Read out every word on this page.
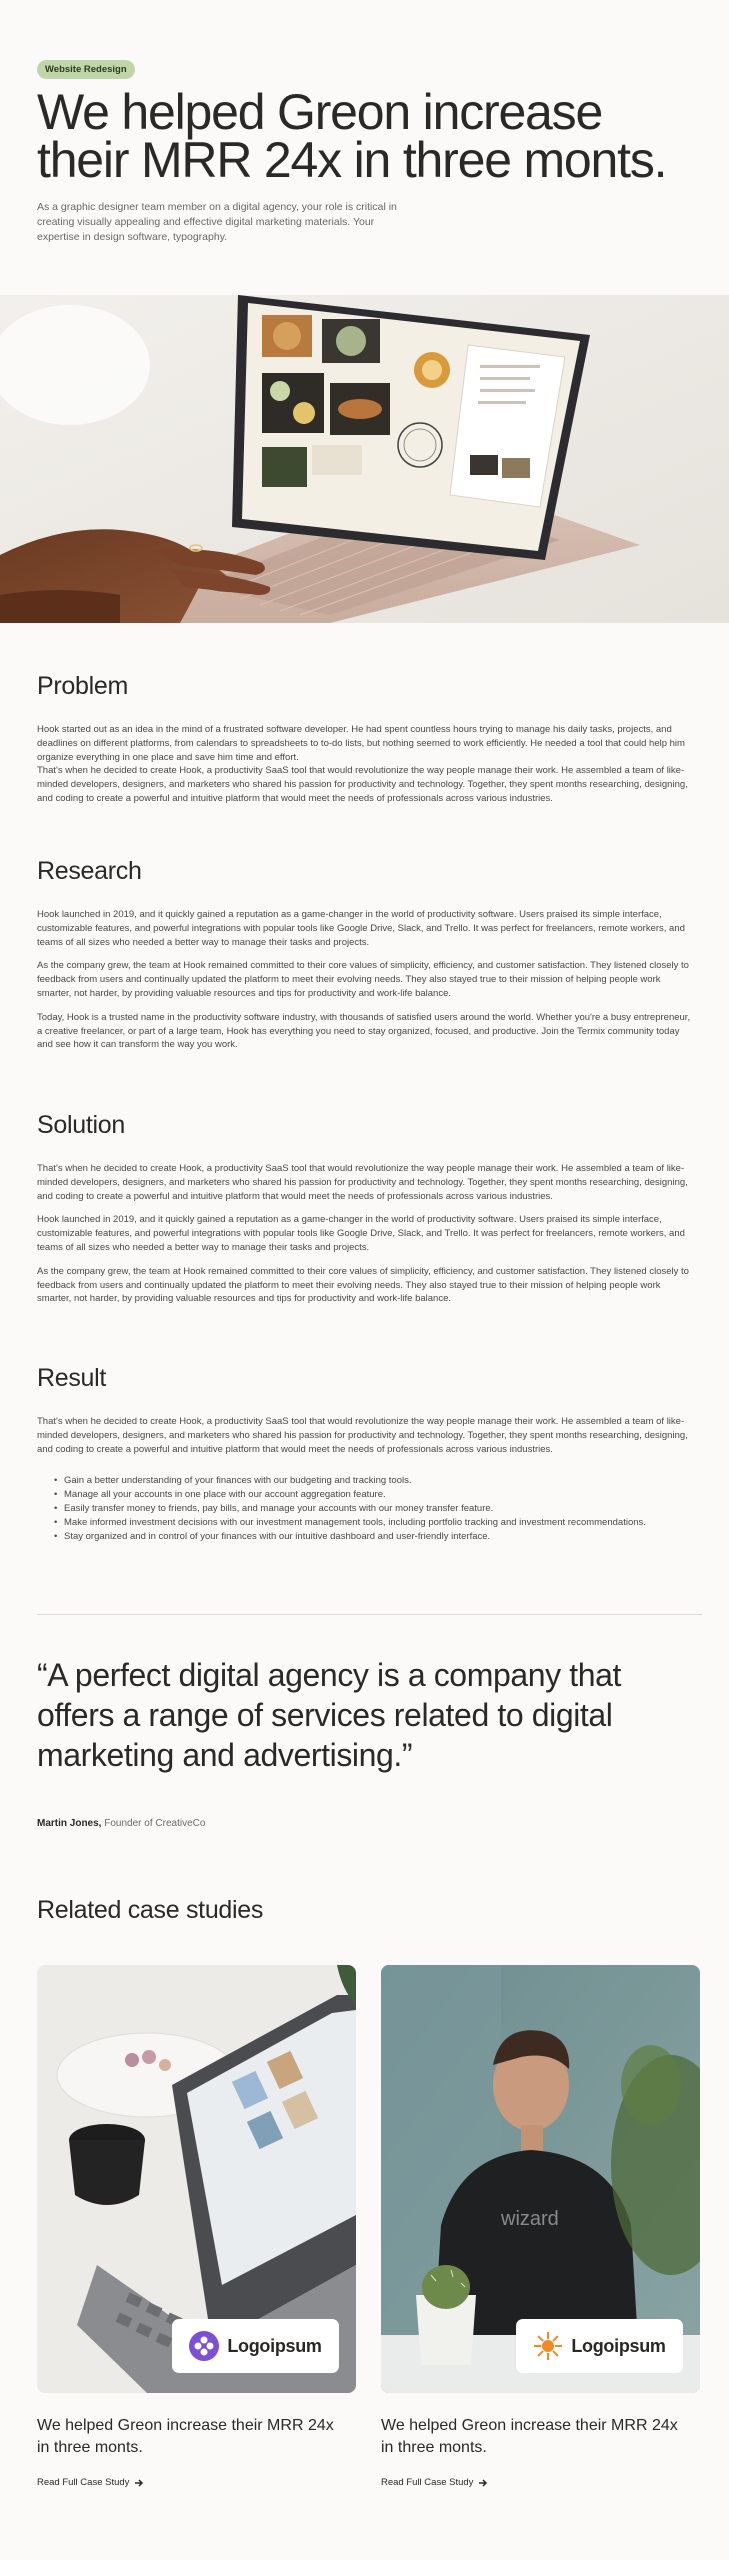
Website Redesign
We helped Greon increase their MRR 24x in three monts.

As a graphic designer team member on a digital agency, your role is critical in creating visually appealing and effective digital marketing materials. Your expertise in design software, typography.

Problem

Hook started out as an idea in the mind of a frustrated software developer. He had spent countless hours trying to manage his daily tasks, projects, and deadlines on different platforms, from calendars to spreadsheets to to-do lists, but nothing seemed to work efficiently. He needed a tool that could help him organize everything in one place and save him time and effort.

That's when he decided to create Hook, a productivity SaaS tool that would revolutionize the way people manage their work. He assembled a team of like-minded developers, designers, and marketers who shared his passion for productivity and technology. Together, they spent months researching, designing, and coding to create a powerful and intuitive platform that would meet the needs of professionals across various industries.

Research

Hook launched in 2019, and it quickly gained a reputation as a game-changer in the world of productivity software. Users praised its simple interface, customizable features, and powerful integrations with popular tools like Google Drive, Slack, and Trello. It was perfect for freelancers, remote workers, and teams of all sizes who needed a better way to manage their tasks and projects.

As the company grew, the team at Hook remained committed to their core values of simplicity, efficiency, and customer satisfaction. They listened closely to feedback from users and continually updated the platform to meet their evolving needs. They also stayed true to their mission of helping people work smarter, not harder, by providing valuable resources and tips for productivity and work-life balance.

Today, Hook is a trusted name in the productivity software industry, with thousands of satisfied users around the world. Whether you're a busy entrepreneur, a creative freelancer, or part of a large team, Hook has everything you need to stay organized, focused, and productive. Join the Termix community today and see how it can transform the way you work.

Solution

That's when he decided to create Hook, a productivity SaaS tool that would revolutionize the way people manage their work. He assembled a team of like-minded developers, designers, and marketers who shared his passion for productivity and technology. Together, they spent months researching, designing, and coding to create a powerful and intuitive platform that would meet the needs of professionals across various industries.

Hook launched in 2019, and it quickly gained a reputation as a game-changer in the world of productivity software. Users praised its simple interface, customizable features, and powerful integrations with popular tools like Google Drive, Slack, and Trello. It was perfect for freelancers, remote workers, and teams of all sizes who needed a better way to manage their tasks and projects.

As the company grew, the team at Hook remained committed to their core values of simplicity, efficiency, and customer satisfaction. They listened closely to feedback from users and continually updated the platform to meet their evolving needs. They also stayed true to their mission of helping people work smarter, not harder, by providing valuable resources and tips for productivity and work-life balance.

Result

That's when he decided to create Hook, a productivity SaaS tool that would revolutionize the way people manage their work. He assembled a team of like-minded developers, designers, and marketers who shared his passion for productivity and technology. Together, they spent months researching, designing, and coding to create a powerful and intuitive platform that would meet the needs of professionals across various industries.

• Gain a better understanding of your finances with our budgeting and tracking tools.
• Manage all your accounts in one place with our account aggregation feature.
• Easily transfer money to friends, pay bills, and manage your accounts with our money transfer feature.
• Make informed investment decisions with our investment management tools, including portfolio tracking and investment recommendations.
• Stay organized and in control of your finances with our intuitive dashboard and user-friendly interface.
“A perfect digital agency is a company that offers a range of services related to digital marketing and advertising.”
Martin Jones, Founder of CreativeCo
Related case studies
Logoipsum
We helped Greon increase their MRR 24x in three monts.
Read Full Case Study
wizard
Logoipsum
We helped Greon increase their MRR 24x in three monts.
Read Full Case Study
